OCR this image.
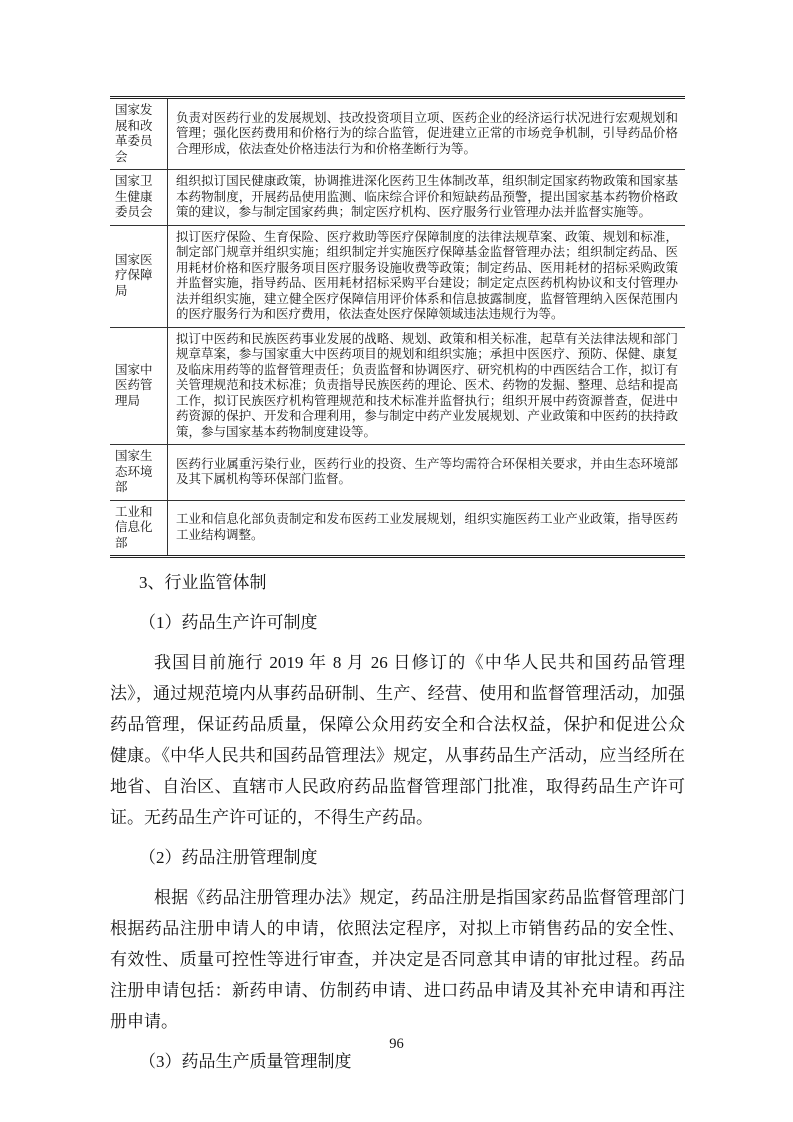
国家发展和改革委员会	负责对医药行业的发展规划、技改投资项目立项、医药企业的经济运行状况进行宏观规划和管理；强化医药费用和价格行为的综合监管，促进建立正常的市场竞争机制，引导药品价格合理形成，依法查处价格违法行为和价格垄断行为等。
国家卫生健康委员会	组织拟订国民健康政策，协调推进深化医药卫生体制改革，组织制定国家药物政策和国家基本药物制度，开展药品使用监测、临床综合评价和短缺药品预警，提出国家基本药物价格政策的建议，参与制定国家药典；制定医疗机构、医疗服务行业管理办法并监督实施等。
国家医疗保障局	拟订医疗保险、生育保险、医疗救助等医疗保障制度的法律法规草案、政策、规划和标准，制定部门规章并组织实施；组织制定并实施医疗保障基金监督管理办法；组织制定药品、医用耗材价格和医疗服务项目医疗服务设施收费等政策；制定药品、医用耗材的招标采购政策并监督实施，指导药品、医用耗材招标采购平台建设；制定定点医药机构协议和支付管理办法并组织实施，建立健全医疗保障信用评价体系和信息披露制度，监督管理纳入医保范围内的医疗服务行为和医疗费用，依法查处医疗保障领域违法违规行为等。
国家中医药管理局	拟订中医药和民族医药事业发展的战略、规划、政策和相关标准，起草有关法律法规和部门规章草案，参与国家重大中医药项目的规划和组织实施；承担中医医疗、预防、保健、康复及临床用药等的监督管理责任；负责监督和协调医疗、研究机构的中西医结合工作，拟订有关管理规范和技术标准；负责指导民族医药的理论、医术、药物的发掘、整理、总结和提高工作，拟订民族医疗机构管理规范和技术标准并监督执行；组织开展中药资源普查，促进中药资源的保护、开发和合理利用，参与制定中药产业发展规划、产业政策和中医药的扶持政策，参与国家基本药物制度建设等。
国家生态环境部	医药行业属重污染行业，医药行业的投资、生产等均需符合环保相关要求，并由生态环境部及其下属机构等环保部门监督。
工业和信息化部	工业和信息化部负责制定和发布医药工业发展规划，组织实施医药工业产业政策，指导医药工业结构调整。
3、行业监管体制
（1）药品生产许可制度

我国目前施行 2019 年 8 月 26 日修订的《中华人民共和国药品管理法》，通过规范境内从事药品研制、生产、经营、使用和监督管理活动，加强药品管理，保证药品质量，保障公众用药安全和合法权益，保护和促进公众健康。《中华人民共和国药品管理法》规定，从事药品生产活动，应当经所在地省、自治区、直辖市人民政府药品监督管理部门批准，取得药品生产许可证。无药品生产许可证的，不得生产药品。

（2）药品注册管理制度

根据《药品注册管理办法》规定，药品注册是指国家药品监督管理部门根据药品注册申请人的申请，依照法定程序，对拟上市销售药品的安全性、有效性、质量可控性等进行审查，并决定是否同意其申请的审批过程。药品注册申请包括：新药申请、仿制药申请、进口药品申请及其补充申请和再注册申请。

（3）药品生产质量管理制度
96
